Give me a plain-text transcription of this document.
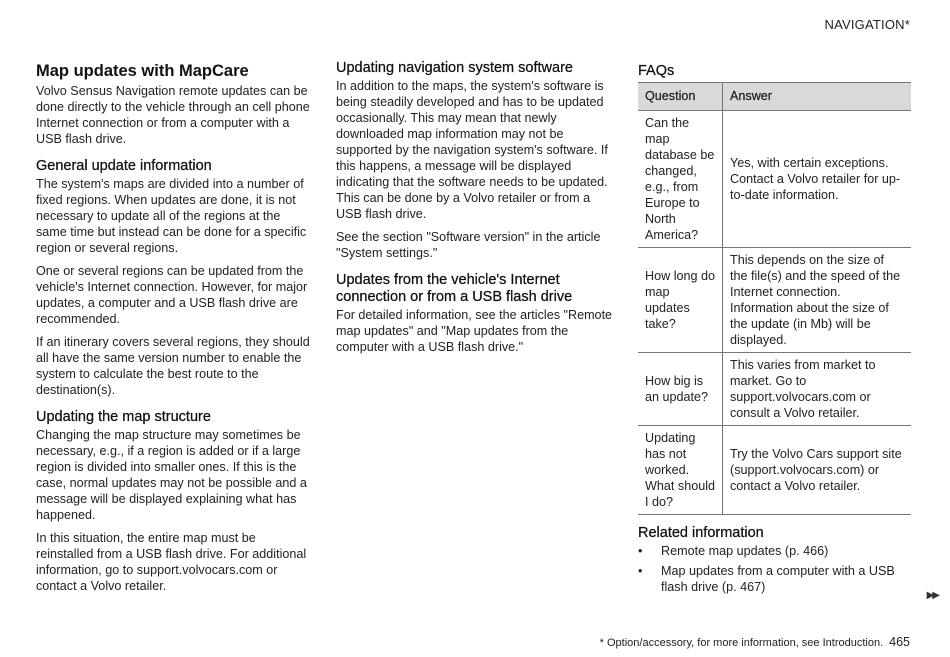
NAVIGATION*
Map updates with MapCare

Volvo Sensus Navigation remote updates can be done directly to the vehicle through an cell phone Internet connection or from a computer with a USB flash drive.

General update information

The system's maps are divided into a number of fixed regions. When updates are done, it is not necessary to update all of the regions at the same time but instead can be done for a specific region or several regions.

One or several regions can be updated from the vehicle's Internet connection. However, for major updates, a computer and a USB flash drive are recommended.

If an itinerary covers several regions, they should all have the same version number to enable the system to calculate the best route to the destination(s).

Updating the map structure

Changing the map structure may sometimes be necessary, e.g., if a region is added or if a large region is divided into smaller ones. If this is the case, normal updates may not be possible and a message will be displayed explaining what has happened.

In this situation, the entire map must be reinstalled from a USB flash drive. For additional information, go to support.volvocars.com or contact a Volvo retailer.

Updating navigation system software

In addition to the maps, the system's software is being steadily developed and has to be updated occasionally. This may mean that newly downloaded map information may not be supported by the navigation system's software. If this happens, a message will be displayed indicating that the software needs to be updated. This can be done by a Volvo retailer or from a USB flash drive.

See the section "Software version" in the article "System settings."

Updates from the vehicle's Internet connection or from a USB flash drive

For detailed information, see the articles "Remote map updates" and "Map updates from the computer with a USB flash drive."

FAQs
Question	Answer
Can the map database be changed, e.g., from Europe to North America?	Yes, with certain exceptions. Contact a Volvo retailer for up-to-date information.
How long do map updates take?	This depends on the size of the file(s) and the speed of the Internet connection. Information about the size of the update (in Mb) will be displayed.
How big is an update?	This varies from market to market. Go to support.volvocars.com or consult a Volvo retailer.
Updating has not worked. What should I do?	Try the Volvo Cars support site (support.volvocars.com) or contact a Volvo retailer.
Related information
• Remote map updates (p. 466)
• Map updates from a computer with a USB flash drive (p. 467)
▶▶
* Option/accessory, for more information, see Introduction. 465
